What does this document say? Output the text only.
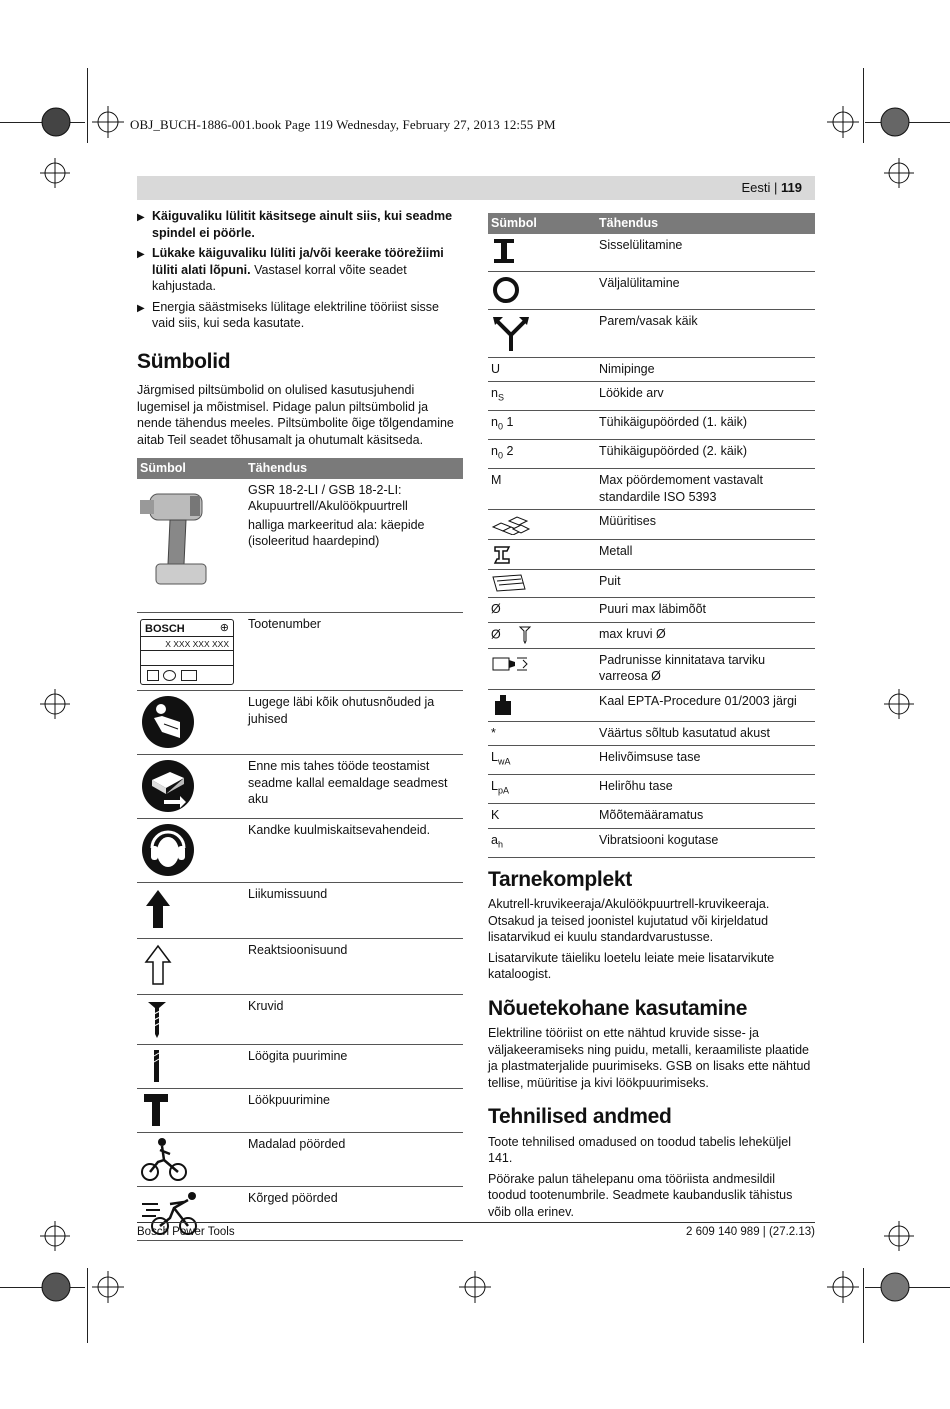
OBJ_BUCH-1886-001.book Page 119 Wednesday, February 27, 2013 12:55 PM
Eesti | 119
▶ Käiguvaliku lülitit käsitsege ainult siis, kui seadme spindel ei pöörle.
▶ Lükake käiguvaliku lüliti ja/või keerake töörežiimi lüliti alati lõpuni. Vastasel korral võite seadet kahjustada.
▶ Energia säästmiseks lülitage elektriline tööriist sisse vaid siis, kui seda kasutate.
Sümbolid

Järgmised piltsümbolid on olulised kasutusjuhendi lugemisel ja mõistmisel. Pidage palun piltsümbolid ja nende tähendus meeles. Piltsümbolite õige tõlgendamine aitab Teil seadet tõhusamalt ja ohutumalt käsitseda.

Sümbol	Tähendus

GSR 18-2-LI / GSB 18-2-LI: Akupuurtrell/Akulöökpuurtrell

halliga markeeritud ala: käepide (isoleeritud haardepind)

BOSCH ⊕
X XXX XXX XXX	Tootenumber

	Lugege läbi kõik ohutusnõuded ja juhised

	Enne mis tahes tööde teostamist seadme kallal eemaldage seadmest aku

	Kandke kuulmiskaitsevahendeid.

	Liikumissuund

	Reaktsioonisuund

	Kruvid

	Löögita puurimine

	Löökpuurimine

	Madalad pöörded

	Kõrged pöörded
Sümbol	Tähendus

	Sisselülitamine

	Väljalülitamine

	Parem/vasak käik
U	Nimipinge
$n_S$	Löökide arv
$n_0$ 1	Tühikäigupöörded (1. käik)
$n_0$ 2	Tühikäigupöörded (2. käik)
M	Max pöördemoment vastavalt standardile ISO 5393

	Müüritises

	Metall

	Puit
Ø	Puuri max läbimõõt
Ø	max kruvi Ø

	Padrunisse kinnitatava tarviku varreosa Ø

	Kaal EPTA-Procedure 01/2003 järgi
*	Väärtus sõltub kasutatud akust
$L_{wA}$	Helivõimsuse tase
$L_{pA}$	Helirõhu tase
K	Mõõtemääramatus
$a_h$	Vibratsiooni kogutase
Tarnekomplekt

Akutrell-kruvikeeraja/Akulöökpuurtrell-kruvikeeraja. Otsakud ja teised joonistel kujutatud või kirjeldatud lisatarvikud ei kuulu standardvarustusse.

Lisatarvikute täieliku loetelu leiate meie lisatarvikute kataloogist.

Nõuetekohane kasutamine

Elektriline tööriist on ette nähtud kruvide sisse- ja väljakeeramiseks ning puidu, metalli, keraamiliste plaatide ja plastmaterjalide puurimiseks. GSB on lisaks ette nähtud tellise, müüritise ja kivi löökpuurimiseks.

Tehnilised andmed

Toote tehnilised omadused on toodud tabelis leheküljel 141.

Pöörake palun tähelepanu oma tööriista andmesildil toodud tootenumbrile. Seadmete kaubanduslik tähistus võib olla erinev.

Bosch Power Tools	2 609 140 989 | (27.2.13)
